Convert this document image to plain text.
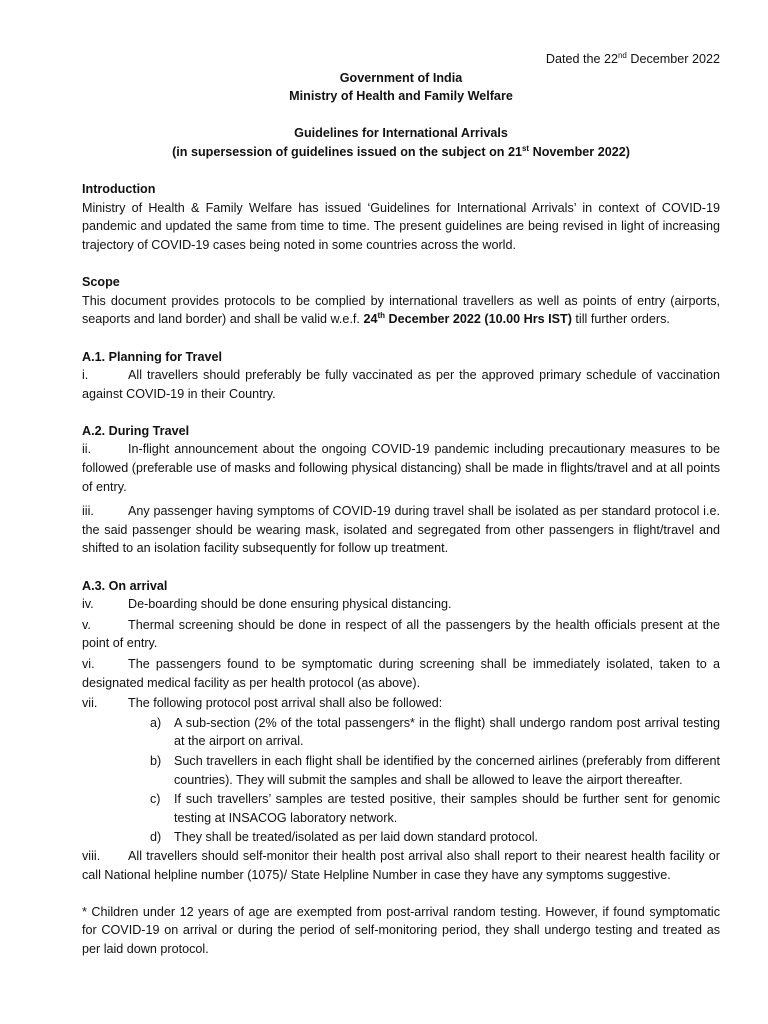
Dated the 22nd December 2022
Government of India
Ministry of Health and Family Welfare
Guidelines for International Arrivals
(in supersession of guidelines issued on the subject on 21st November 2022)
Introduction
Ministry of Health & Family Welfare has issued ‘Guidelines for International Arrivals’ in context of COVID-19 pandemic and updated the same from time to time. The present guidelines are being revised in light of increasing trajectory of COVID-19 cases being noted in some countries across the world.
Scope
This document provides protocols to be complied by international travellers as well as points of entry (airports, seaports and land border) and shall be valid w.e.f. 24th December 2022 (10.00 Hrs IST) till further orders.
A.1. Planning for Travel
i.	All travellers should preferably be fully vaccinated as per the approved primary schedule of vaccination against COVID-19 in their Country.
A.2. During Travel
ii.	In-flight announcement about the ongoing COVID-19 pandemic including precautionary measures to be followed (preferable use of masks and following physical distancing) shall be made in flights/travel and at all points of entry.
iii.	Any passenger having symptoms of COVID-19 during travel shall be isolated as per standard protocol i.e. the said passenger should be wearing mask, isolated and segregated from other passengers in flight/travel and shifted to an isolation facility subsequently for follow up treatment.
A.3. On arrival
iv.	De-boarding should be done ensuring physical distancing.
v.	Thermal screening should be done in respect of all the passengers by the health officials present at the point of entry.
vi.	The passengers found to be symptomatic during screening shall be immediately isolated, taken to a designated medical facility as per health protocol (as above).
vii. The following protocol post arrival shall also be followed:
a)	A sub-section (2% of the total passengers* in the flight) shall undergo random post arrival testing at the airport on arrival.
b)	Such travellers in each flight shall be identified by the concerned airlines (preferably from different countries). They will submit the samples and shall be allowed to leave the airport thereafter.
c)	If such travellers’ samples are tested positive, their samples should be further sent for genomic testing at INSACOG laboratory network.
d)	They shall be treated/isolated as per laid down standard protocol.
viii. All travellers should self-monitor their health post arrival also shall report to their nearest health facility or call National helpline number (1075)/ State Helpline Number in case they have any symptoms suggestive.
* Children under 12 years of age are exempted from post-arrival random testing. However, if found symptomatic for COVID-19 on arrival or during the period of self-monitoring period, they shall undergo testing and treated as per laid down protocol.
